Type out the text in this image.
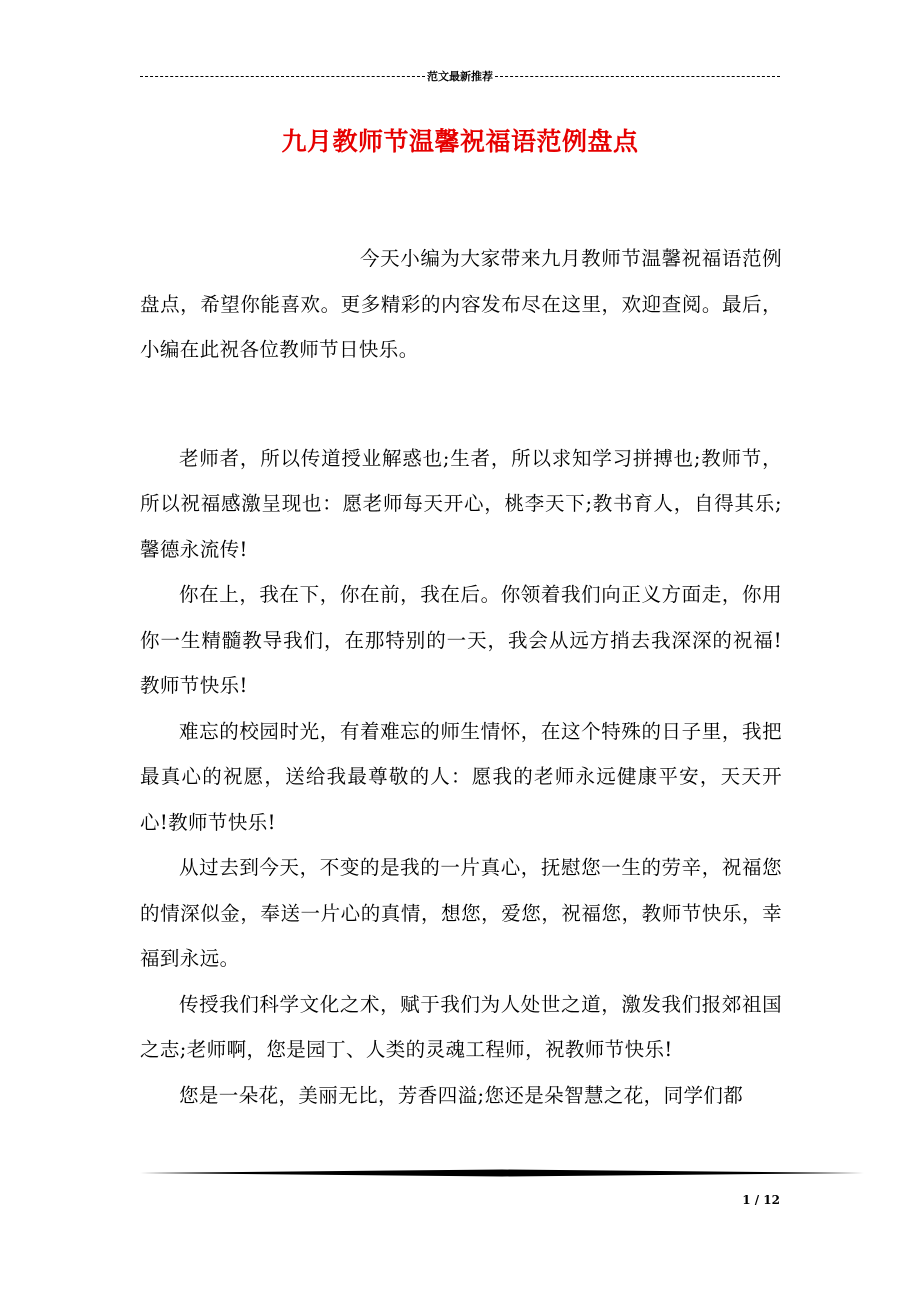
范文最新推荐
九月教师节温馨祝福语范例盘点

今天小编为大家带来九月教师节温馨祝福语范例盘点，希望你能喜欢。更多精彩的内容发布尽在这里，欢迎查阅。最后，小编在此祝各位教师节日快乐。

老师者，所以传道授业解惑也;生者，所以求知学习拼搏也;教师节，所以祝福感激呈现也：愿老师每天开心，桃李天下;教书育人，自得其乐;馨德永流传!

你在上，我在下，你在前，我在后。你领着我们向正义方面走，你用你一生精髓教导我们，在那特别的一天，我会从远方捎去我深深的祝福!教师节快乐!

难忘的校园时光，有着难忘的师生情怀，在这个特殊的日子里，我把最真心的祝愿，送给我最尊敬的人：愿我的老师永远健康平安，天天开心!教师节快乐!

从过去到今天，不变的是我的一片真心，抚慰您一生的劳辛，祝福您的情深似金，奉送一片心的真情，想您，爱您，祝福您，教师节快乐，幸福到永远。

传授我们科学文化之术，赋于我们为人处世之道，激发我们报郊祖国之志;老师啊，您是园丁、人类的灵魂工程师，祝教师节快乐!

您是一朵花，美丽无比，芳香四溢;您还是朵智慧之花，同学们都

1 / 12
